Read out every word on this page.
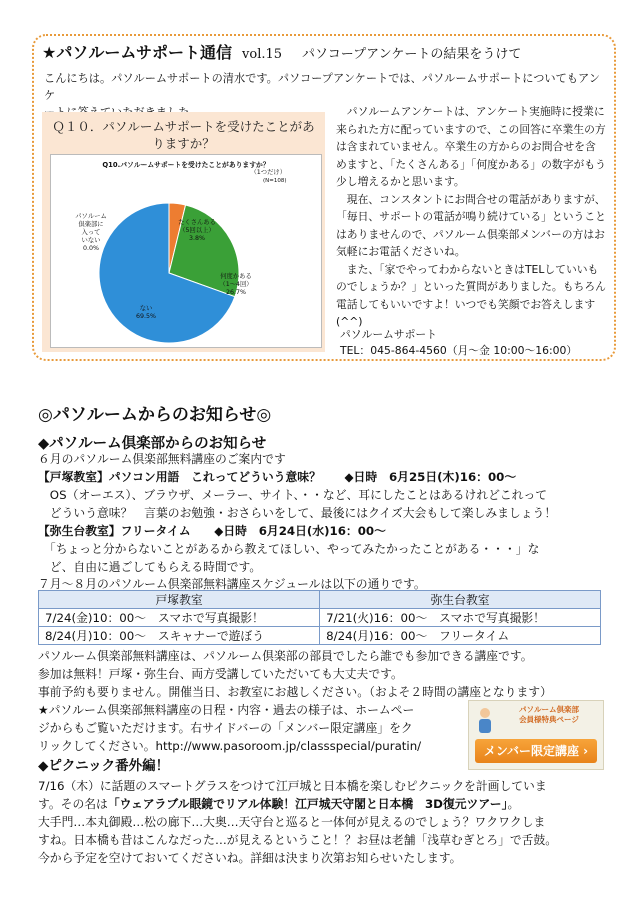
★パソルームサポート通信 vol.15 パソコープアンケートの結果をうけて
こんにちは。パソルームサポートの清水です。パソコープアンケートでは、パソルームサポートについてもアンケ
Ｑ１０．パソルームサポートを受けたことがあ
りますか？
Q10.パソルームサポートを受けたことがありますか？
（1つだけ）
(N=108)
パソルーム
倶楽部に
入って
いない
0.0%
たくさんある
（5回以上）
3.8%
何度かある
（1～4回）
26.7%
ない
69.5%

パソルームアンケートは、アンケート実施時に授業に来られた方に配っていますので、この回答に卒業生の方は含まれていません。卒業生の方からのお問合せを含めますと、「たくさんある」「何度かある」の数字がもう少し増えるかと思います。

現在、コンスタントにお問合せの電話がありますが、「毎日、サポートの電話が鳴り続けている」ということはありませんので、パソルーム倶楽部メンバーの方はお気軽にお電話くださいね。

また、「家でやってわからないときはTELしていいものでしょうか？」といった質問がありました。もちろん電話してもいいですよ！いつでも笑顔でお答えします(^^)

パソルームサポート
TEL：045-864-4560（月～金 10:00～16:00）
◎パソルームからのお知らせ◎
◆パソルーム倶楽部からのお知らせ
６月のパソルーム倶楽部無料講座のご案内です
【戸塚教室】パソコン用語　これってどういう意味？　　◆日時　6月25日(木)16：00～
　OS（オーエス）、ブラウザ、メーラー、サイト、・・など、耳にしたことはあるけれどこれって
　どういう意味？　言葉のお勉強・おさらいをして、最後にはクイズ大会もして楽しみましょう！
【弥生台教室】フリータイム　　◆日時　6月24日(水)16：00～
　「ちょっと分からないことがあるから教えてほしい、やってみたかったことがある・・・」な
　ど、自由に過ごしてもらえる時間です。
７月～８月のパソルーム倶楽部無料講座スケジュールは以下の通りです。
戸塚教室	弥生台教室
7/24(金)10：00～　スマホで写真撮影！	7/21(火)16：00～　スマホで写真撮影！
8/24(月)10：00～　スキャナーで遊ぼう	8/24(月)16：00～　フリータイム
パソルーム倶楽部無料講座は、パソルーム倶楽部の部員でしたら誰でも参加できる講座です。
参加は無料！戸塚・弥生台、両方受講していただいても大丈夫です。
事前予約も要りません。開催当日、お教室にお越しください。（およそ２時間の講座となります）
★パソルーム倶楽部無料講座の日程・内容・過去の様子は、ホームペー
ジからもご覧いただけます。右サイドバーの「メンバー限定講座」をク
リックしてください。http://www.pasoroom.jp/classspecial/puratin/
パソルーム倶楽部
会員様特典ページ
メンバー限定講座 ›
◆ピクニック番外編！
7/16（木）に話題のスマートグラスをつけて江戸城と日本橋を楽しむピクニックを計画していま
す。その名は「ウェアラブル眼鏡でリアル体験！江戸城天守閣と日本橋　3D復元ツアー」。
大手門…本丸御殿…松の廊下…大奥…天守台と巡ると一体何が見えるのでしょう？ワクワクしま
すね。日本橋も昔はこんなだった…が見えるということ！？お昼は老舗「浅草むぎとろ」で舌鼓。
今から予定を空けておいてくださいね。詳細は決まり次第お知らせいたします。
